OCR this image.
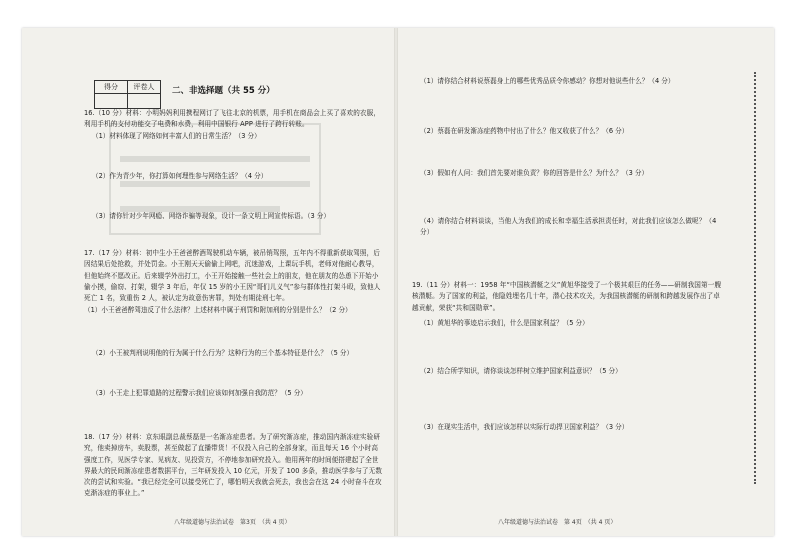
得分	评卷人
	二、非选择题（共 55 分）
16.（10 分）材料：小明妈妈利用携程网订了飞往北京的机票，用手机在商品会上买了喜欢的衣服，利用手机的支付功能交了电费和水费，利用中国银行 APP 进行了跨行转账。
（1）材料体现了网络如何丰富人们的日常生活？（3 分）
（2）作为青少年，你打算如何理性参与网络生活？（4 分）
（3）请你针对少年网瘾、网络诈骗等现象，设计一条文明上网宣传标语。（3 分）
17.（17 分）材料：初中生小王爸爸醉酒驾驶机动车辆，被吊销驾照，五年内不得重新获取驾照，后因结果后处抢救，并处罚金。小王刚天天偷偷上网吧，沉迷游戏，上课玩手机，老师对他耐心教导，但他始终不愿改正。后来辍学外出打工，小王开始接触一些社会上的朋友，他在朋友的怂恿下开始小偷小摸，偷窃、打架，辍学 3 年后，年仅 15 岁的小王因“哥们儿义气”参与群体性打架斗殴，致他人死亡 1 名，致重伤 2 人，被认定为故意伤害罪，判处有期徒刑七年。
（1）小王爸爸醉驾违反了什么法律？上述材料中属于刑罚和附加刑的分别是什么？（2 分）
（2）小王被判刑说明他的行为属于什么行为？这种行为的三个基本特征是什么？（5 分）
（3）小王走上犯罪道路的过程警示我们应该如何加强自我防范？（5 分）
18.（17 分）材料：京东眼副总裁蔡磊是一名渐冻症患者。为了研究渐冻症，推动国内渐冻症实验研究，他卖掉房车，卖股票，甚至做起了直播带货！不仅投入自己的全部身家，而且每天 16 个小时高强度工作，见医学专家、见病友、见投资方，不停地参加研究投入。他用两年的时间便搭建起了全世界最大的民间渐冻症患者数据平台，三年研发投入 10 亿元，开发了 100 多条，推动医学参与了无数次的尝试和实验。“我已经完全可以接受死亡了，哪怕明天我就会死去，我也会在这 24 小时奋斗在攻克渐冻症的事业上。”
八年级道德与法治试卷　第3页　（共 4 页）
（1）请你结合材料说蔡磊身上的哪些优秀品质令你感动？你想对他说些什么？（4 分）
（2）蔡磊在研发渐冻症药物中付出了什么？他又收获了什么？（6 分）
（3）假如有人问：我们首先要对谁负责？你的回答是什么？为什么？（3 分）
（4）请你结合材料谈谈，当他人为我们的成长和幸福生活承担责任时，对此我们应该怎么做呢？（4 分）
19.（11 分）材料一：1958 年“中国核潜艇之父”黄旭华接受了一个极其艰巨的任务——研制我国第一艘核潜艇。为了国家的利益，他隐姓埋名几十年，潜心技术攻关，为我国核潜艇的研制和跨越发展作出了卓越贡献，荣获“共和国勋章”。
（1）黄旭华的事迹启示我们，什么是国家利益？（5 分）
（2）结合所学知识，请你谈谈怎样树立维护国家利益意识？（5 分）
（3）在现实生活中，我们应该怎样以实际行动捍卫国家利益？（3 分）
八年级道德与法治试卷　第 4页　（共 4 页）
